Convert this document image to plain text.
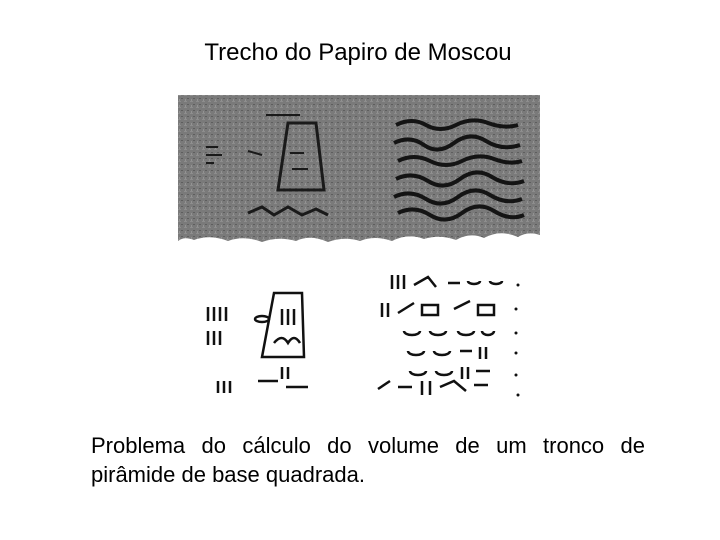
Trecho do Papiro de Moscou
Problema do cálculo do volume de um tronco de pirâmide de base quadrada.
